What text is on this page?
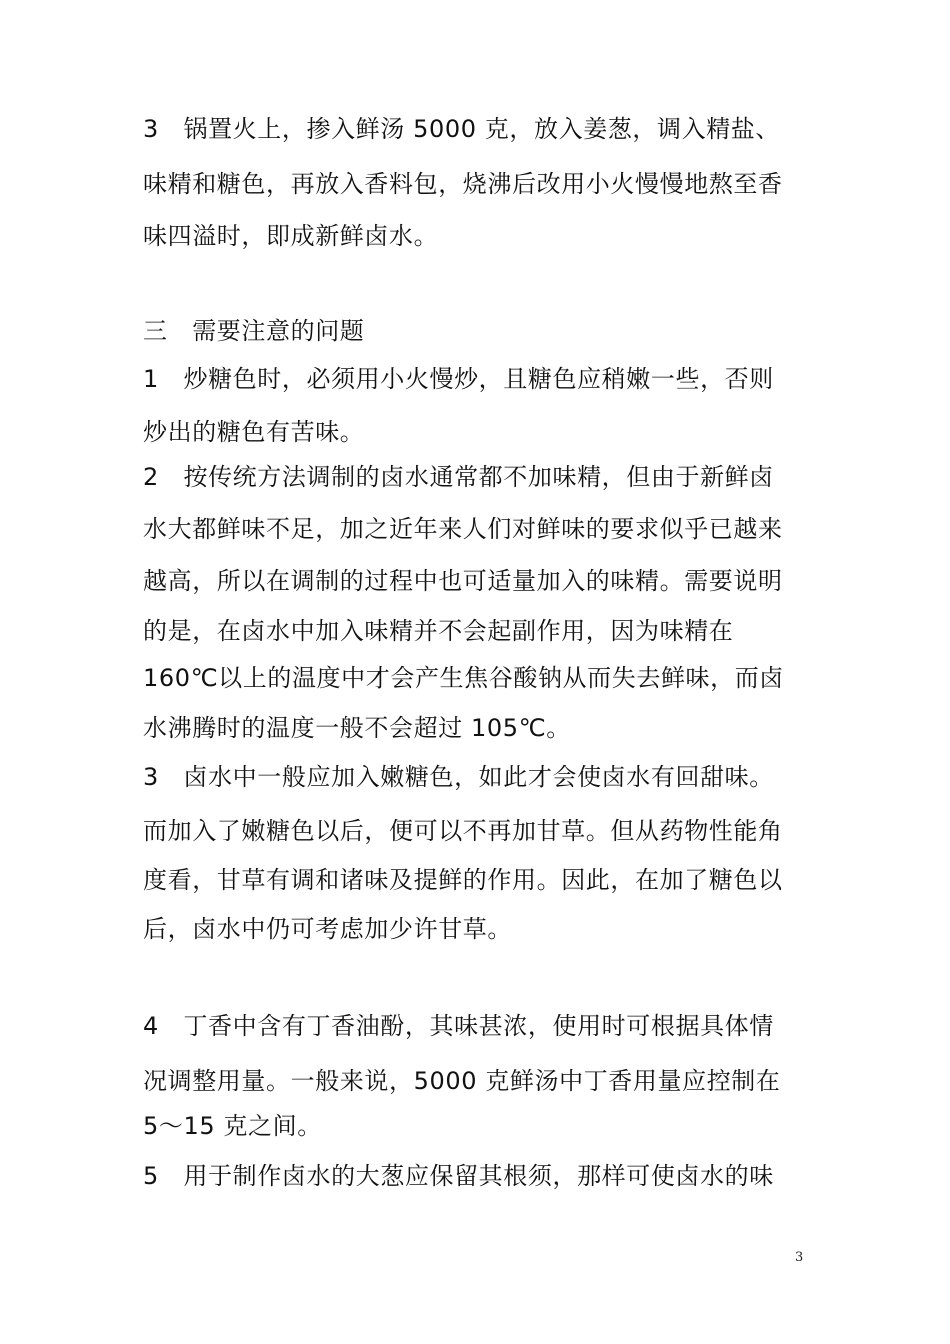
3　锅置火上，掺入鲜汤 5000 克，放入姜葱，调入精盐、
味精和糖色，再放入香料包，烧沸后改用小火慢慢地熬至香
味四溢时，即成新鲜卤水。
三　需要注意的问题
1　炒糖色时，必须用小火慢炒，且糖色应稍嫩一些，否则
炒出的糖色有苦味。
2　按传统方法调制的卤水通常都不加味精，但由于新鲜卤
水大都鲜味不足，加之近年来人们对鲜味的要求似乎已越来
越高，所以在调制的过程中也可适量加入的味精。需要说明
的是，在卤水中加入味精并不会起副作用，因为味精在
160℃以上的温度中才会产生焦谷酸钠从而失去鲜味，而卤
水沸腾时的温度一般不会超过 105℃。
3　卤水中一般应加入嫩糖色，如此才会使卤水有回甜味。
而加入了嫩糖色以后，便可以不再加甘草。但从药物性能角
度看，甘草有调和诸味及提鲜的作用。因此，在加了糖色以
后，卤水中仍可考虑加少许甘草。
4　丁香中含有丁香油酚，其味甚浓，使用时可根据具体情
况调整用量。一般来说，5000 克鲜汤中丁香用量应控制在
5～15 克之间。
5　用于制作卤水的大葱应保留其根须，那样可使卤水的味
3
